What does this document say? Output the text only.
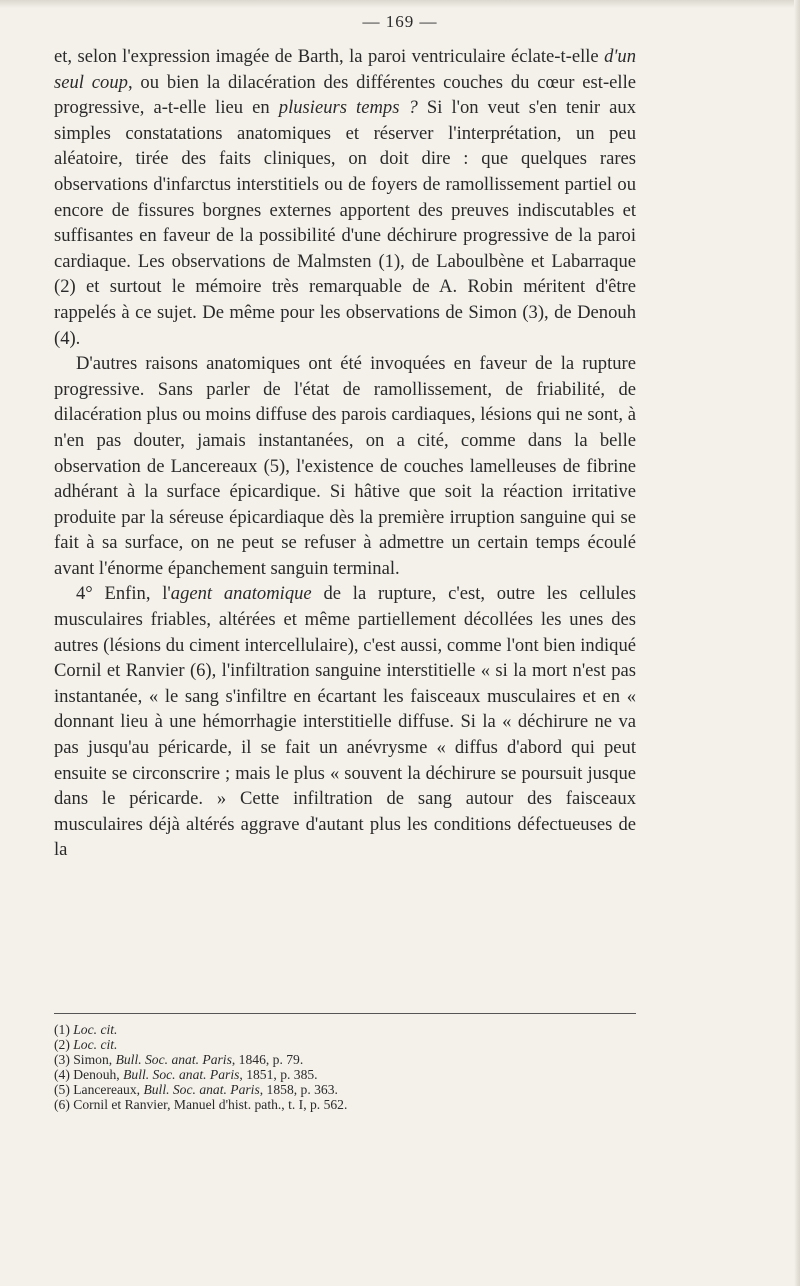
— 169 —

et, selon l'expression imagée de Barth, la paroi ventriculaire éclate-t-elle d'un seul coup, ou bien la dilacération des différentes couches du cœur est-elle progressive, a-t-elle lieu en plusieurs temps ? Si l'on veut s'en tenir aux simples constatations anatomiques et réserver l'interprétation, un peu aléatoire, tirée des faits cliniques, on doit dire : que quelques rares observations d'infarctus interstitiels ou de foyers de ramollissement partiel ou encore de fissures borgnes externes apportent des preuves indiscutables et suffisantes en faveur de la possibilité d'une déchirure progressive de la paroi cardiaque. Les observations de Malmsten (1), de Laboulbène et Labarraque (2) et surtout le mémoire très remarquable de A. Robin méritent d'être rappelés à ce sujet. De même pour les observations de Simon (3), de Denouh (4).

D'autres raisons anatomiques ont été invoquées en faveur de la rupture progressive. Sans parler de l'état de ramollissement, de friabilité, de dilacération plus ou moins diffuse des parois cardiaques, lésions qui ne sont, à n'en pas douter, jamais instantanées, on a cité, comme dans la belle observation de Lancereaux (5), l'existence de couches lamelleuses de fibrine adhérant à la surface épicardique. Si hâtive que soit la réaction irritative produite par la séreuse épicardiaque dès la première irruption sanguine qui se fait à sa surface, on ne peut se refuser à admettre un certain temps écoulé avant l'énorme épanchement sanguin terminal.

4° Enfin, l'agent anatomique de la rupture, c'est, outre les cellules musculaires friables, altérées et même partiellement décollées les unes des autres (lésions du ciment intercellulaire), c'est aussi, comme l'ont bien indiqué Cornil et Ranvier (6), l'infiltration sanguine interstitielle « si la mort n'est pas instantanée, « le sang s'infiltre en écartant les faisceaux musculaires et en « donnant lieu à une hémorrhagie interstitielle diffuse. Si la « déchirure ne va pas jusqu'au péricarde, il se fait un anévrysme « diffus d'abord qui peut ensuite se circonscrire ; mais le plus « souvent la déchirure se poursuit jusque dans le péricarde. » Cette infiltration de sang autour des faisceaux musculaires déjà altérés aggrave d'autant plus les conditions défectueuses de la

(1) Loc. cit.
(2) Loc. cit.
(3) Simon, Bull. Soc. anat. Paris, 1846, p. 79.
(4) Denouh, Bull. Soc. anat. Paris, 1851, p. 385.
(5) Lancereaux, Bull. Soc. anat. Paris, 1858, p. 363.
(6) Cornil et Ranvier, Manuel d'hist. path., t. I, p. 562.
